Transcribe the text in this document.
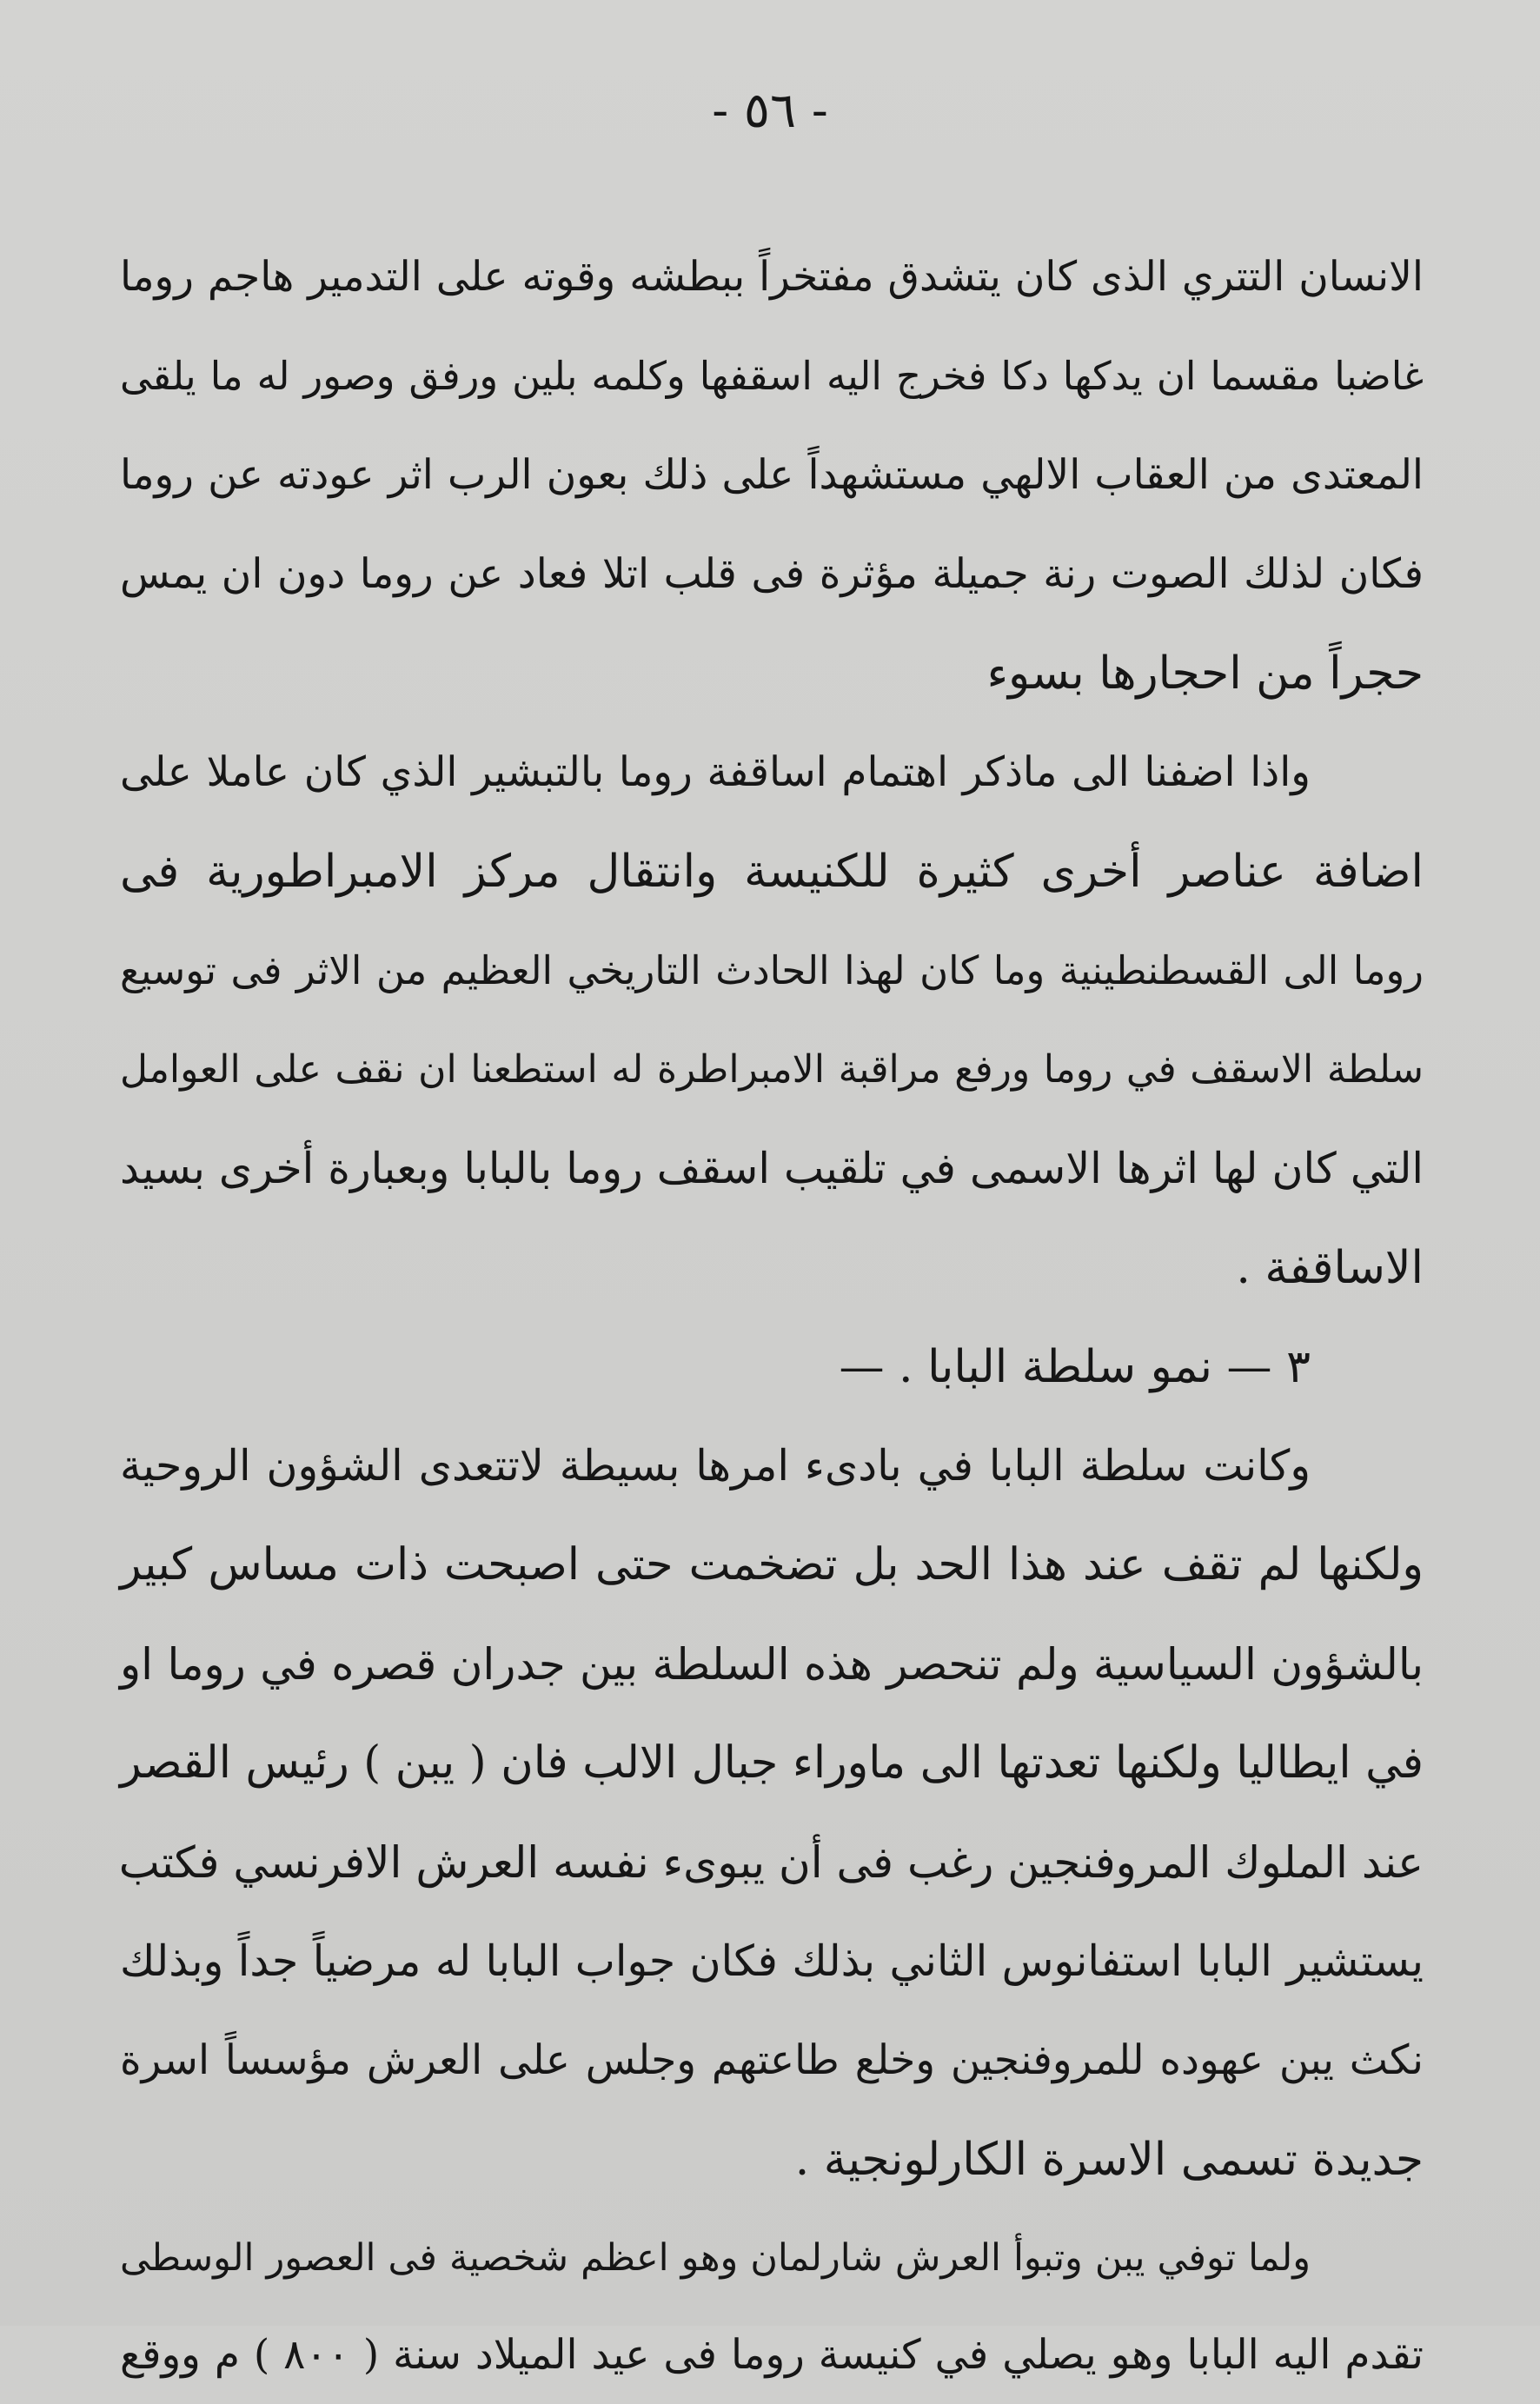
- ٥٦ -
الانسان التتري الذى كان يتشدق مفتخراً ببطشه وقوته على التدمير هاجم روما
غاضبا مقسما ان يدكها دكا فخرج اليه اسقفها وكلمه بلين ورفق وصور له ما يلقى
المعتدى من العقاب الالهي مستشهداً على ذلك بعون الرب اثر عودته عن روما
فكان لذلك الصوت رنة جميلة مؤثرة فى قلب اتلا فعاد عن روما دون ان يمس
حجراً من احجارها بسوء
واذا اضفنا الى ماذكر اهتمام اساقفة روما بالتبشير الذي كان عاملا على
اضافة عناصر أخرى كثيرة للكنيسة وانتقال مركز الامبراطورية فى
روما الى القسطنطينية وما كان لهذا الحادث التاريخي العظيم من الاثر فى توسيع
سلطة الاسقف في روما ورفع مراقبة الامبراطرة له استطعنا ان نقف على العوامل
التي كان لها اثرها الاسمى في تلقيب اسقف روما بالبابا وبعبارة أخرى بسيد
الاساقفة .
٣ — نمو سلطة البابا . —
وكانت سلطة البابا في بادىء امرها بسيطة لاتتعدى الشؤون الروحية
ولكنها لم تقف عند هذا الحد بل تضخمت حتى اصبحت ذات مساس كبير
بالشؤون السياسية ولم تنحصر هذه السلطة بين جدران قصره في روما او
في ايطاليا ولكنها تعدتها الى ماوراء جبال الالب فان ( يبن ) رئيس القصر
عند الملوك المروفنجين رغب فى أن يبوىء نفسه العرش الافرنسي فكتب
يستشير البابا استفانوس الثاني بذلك فكان جواب البابا له مرضياً جداً وبذلك
نكث يبن عهوده للمروفنجين وخلع طاعتهم وجلس على العرش مؤسساً اسرة
جديدة تسمى الاسرة الكارلونجية .
ولما توفي يبن وتبوأ العرش شارلمان وهو اعظم شخصية فى العصور الوسطى
تقدم اليه البابا وهو يصلي في كنيسة روما فى عيد الميلاد سنة ( ٨٠٠ ) م ووقع
